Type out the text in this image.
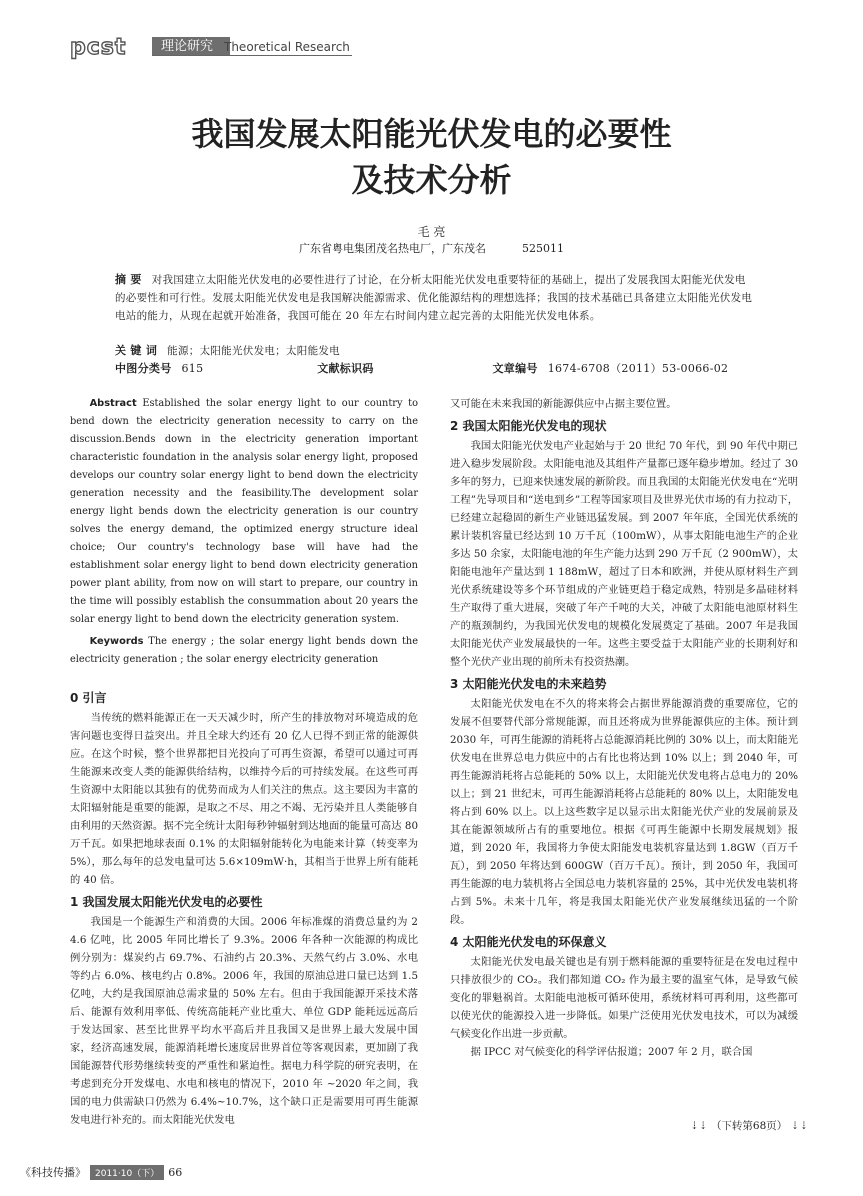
pcst	理论研究 Theoretical Research
我国发展太阳能光伏发电的必要性
及技术分析
毛 亮
广东省粤电集团茂名热电厂，广东茂名	525011
摘 要 对我国建立太阳能光伏发电的必要性进行了讨论，在分析太阳能光伏发电重要特征的基础上，提出了发展我国太阳能光伏发电的必要性和可行性。发展太阳能光伏发电是我国解决能源需求、优化能源结构的理想选择；我国的技术基础已具备建立太阳能光伏发电电站的能力，从现在起就开始准备，我国可能在 20 年左右时间内建立起完善的太阳能光伏发电体系。
关 键 词 能源；太阳能光伏发电；太阳能发电
中图分类号 615	文献标识码	文章编号 1674-6708（2011）53-0066-02

Abstract Established the solar energy light to our country to bend down the electricity generation necessity to carry on the discussion.Bends down in the electricity generation important characteristic foundation in the analysis solar energy light, proposed develops our country solar energy light to bend down the electricity generation necessity and the feasibility.The development solar energy light bends down the electricity generation is our country solves the energy demand, the optimized energy structure ideal choice; Our country's technology base will have had the establishment solar energy light to bend down electricity generation power plant ability, from now on will start to prepare, our country in the time will possibly establish the consummation about 20 years the solar energy light to bend down the electricity generation system.

Keywords The energy ; the solar energy light bends down the electricity generation ; the solar energy electricity generation

0 引言

当传统的燃料能源正在一天天减少时，所产生的排放物对环境造成的危害问题也变得日益突出。并且全球大约还有 20 亿人已得不到正常的能源供应。在这个时候，整个世界都把目光投向了可再生资源，希望可以通过可再生能源来改变人类的能源供给结构，以维持今后的可持续发展。在这些可再生资源中太阳能以其独有的优势而成为人们关注的焦点。这主要因为丰富的太阳辐射能是重要的能源，是取之不尽、用之不竭、无污染并且人类能够自由利用的天然资源。据不完全统计太阳每秒钟辐射到达地面的能量可高达 80 万千瓦。如果把地球表面 0.1% 的太阳辐射能转化为电能来计算（转变率为 5%），那么每年的总发电量可达 5.6×109mW·h，其相当于世界上所有能耗的 40 倍。

1 我国发展太阳能光伏发电的必要性

我国是一个能源生产和消费的大国。2006 年标准煤的消费总量约为 2 4.6 亿吨，比 2005 年同比增长了 9.3%。2006 年各种一次能源的构成比例分别为：煤炭约占 69.7%、石油约占 20.3%、天然气约占 3.0%、水电等约占 6.0%、核电约占 0.8%。2006 年，我国的原油总进口量已达到 1.5 亿吨，大约是我国原油总需求量的 50% 左右。但由于我国能源开采技术落后、能源有效利用率低、传统高能耗产业比重大、单位 GDP 能耗远远高后于发达国家、甚至比世界平均水平高后并且我国又是世界上最大发展中国家，经济高速发展，能源消耗增长速度居世界首位等客观因素，更加剧了我国能源替代形势继续转变的严重性和紧迫性。据电力科学院的研究表明，在考虑到充分开发煤电、水电和核电的情况下，2010 年 ~2020 年之间，我国的电力供需缺口仍然为 6.4%~10.7%，这个缺口正是需要用可再生能源发电进行补充的。而太阳能光伏发电

又可能在未来我国的新能源供应中占据主要位置。

2 我国太阳能光伏发电的现状

我国太阳能光伏发电产业起始与于 20 世纪 70 年代，到 90 年代中期已进入稳步发展阶段。太阳能电池及其组件产量都已逐年稳步增加。经过了 30 多年的努力，已迎来快速发展的新阶段。而且我国的太阳能光伏发电在“光明工程”先导项目和“送电到乡”工程等国家项目及世界光伏市场的有力拉动下，已经建立起稳固的新生产业链迅猛发展。到 2007 年年底，全国光伏系统的累计装机容量已经达到 10 万千瓦（100mW），从事太阳能电池生产的企业多达 50 余家，太阳能电池的年生产能力达到 290 万千瓦（2 900mW），太阳能电池年产量达到 1 188mW，超过了日本和欧洲，并使从原材料生产到光伏系统建设等多个环节组成的产业链更趋于稳定成熟，特别是多晶硅材料生产取得了重大进展，突破了年产千吨的大关，冲破了太阳能电池原材料生产的瓶颈制约，为我国光伏发电的规模化发展奠定了基础。2007 年是我国太阳能光伏产业发展最快的一年。这些主要受益于太阳能产业的长期利好和整个光伏产业出现的前所未有投资热潮。

3 太阳能光伏发电的未来趋势

太阳能光伏发电在不久的将来将会占据世界能源消费的重要席位，它的发展不但要替代部分常规能源，而且还将成为世界能源供应的主体。预计到 2030 年，可再生能源的消耗将占总能源消耗比例的 30% 以上，而太阳能光伏发电在世界总电力供应中的占有比也将达到 10% 以上；到 2040 年，可再生能源消耗将占总能耗的 50% 以上，太阳能光伏发电将占总电力的 20% 以上；到 21 世纪末，可再生能源消耗将占总能耗的 80% 以上，太阳能发电将占到 60% 以上。以上这些数字足以显示出太阳能光伏产业的发展前景及其在能源领域所占有的重要地位。根据《可再生能源中长期发展规划》报道，到 2020 年，我国将力争使太阳能发电装机容量达到 1.8GW（百万千瓦），到 2050 年将达到 600GW（百万千瓦）。预计，到 2050 年，我国可再生能源的电力装机将占全国总电力装机容量的 25%，其中光伏发电装机将占到 5%。未来十几年，将是我国太阳能光伏产业发展继续迅猛的一个阶段。

4 太阳能光伏发电的环保意义

太阳能光伏发电最关键也是有别于燃料能源的重要特征是在发电过程中只排放很少的 CO₂。我们都知道 CO₂ 作为最主要的温室气体，是导致气候变化的罪魁祸首。太阳能电池板可循环使用，系统材料可再利用，这些都可以使光伏的能源投入进一步降低。如果广泛使用光伏发电技术，可以为减缓气候变化作出进一步贡献。

据 IPCC 对气候变化的科学评估报道；2007 年 2 月，联合国

⇣⇣ （下转第68页） ⇣⇣
《科技传播》 2011·10（下） 66
